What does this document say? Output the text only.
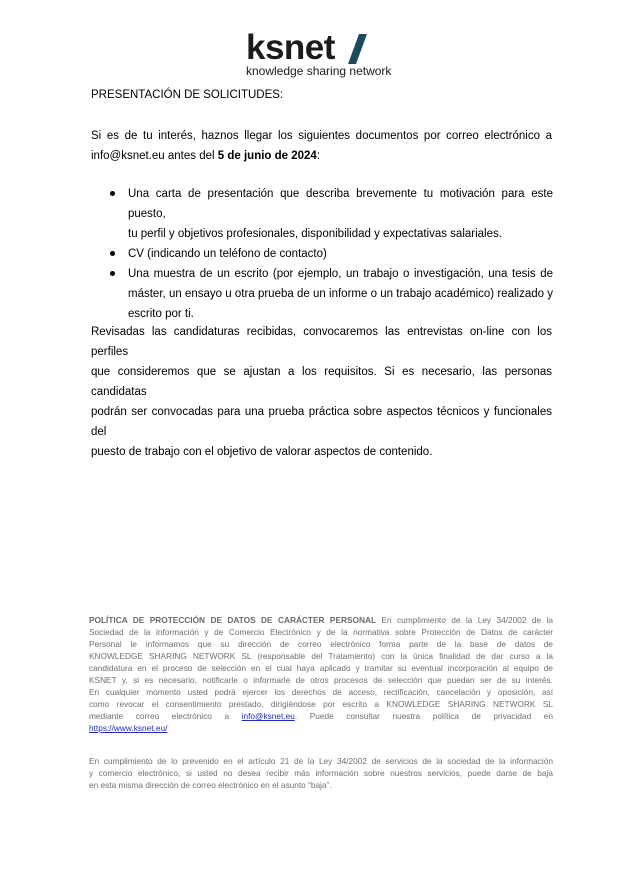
ksnet
knowledge sharing network
PRESENTACIÓN DE SOLICITUDES:
Si es de tu interés, haznos llegar los siguientes documentos por correo electrónico a
info@ksnet.eu antes del 5 de junio de 2024:
Una carta de presentación que describa brevemente tu motivación para este puesto,
tu perfil y objetivos profesionales, disponibilidad y expectativas salariales.
CV (indicando un teléfono de contacto)
Una muestra de un escrito (por ejemplo, un trabajo o investigación, una tesis de
máster, un ensayo u otra prueba de un informe o un trabajo académico) realizado y
escrito por ti.
Revisadas las candidaturas recibidas, convocaremos las entrevistas on-line con los perfiles
que consideremos que se ajustan a los requisitos. Si es necesario, las personas candidatas
podrán ser convocadas para una prueba práctica sobre aspectos técnicos y funcionales del
puesto de trabajo con el objetivo de valorar aspectos de contenido.
POLÍTICA DE PROTECCIÓN DE DATOS DE CARÁCTER PERSONAL En cumplimiento de la Ley 34/2002 de la
Sociedad de la información y de Comercio Electrónico y de la normativa sobre Protección de Datos de carácter
Personal le informamos que su dirección de correo electrónico forma parte de la base de datos de
KNOWLEDGE SHARING NETWORK SL (responsable del Tratamiento) con la única finalidad de dar curso a la
candidatura en el proceso de selección en el cual haya aplicado y tramitar su eventual incorporación al equipo de
KSNET y, si es necesario, notificarle o informarle de otros procesos de selección que puedan ser de su interés.
En cualquier momento usted podrá ejercer los derechos de acceso, rectificación, cancelación y oposición, así
como revocar el consentimiento prestado, dirigiéndose por escrito a KNOWLEDGE SHARING NETWORK SL
mediante correo electrónico a info@ksnet.eu. Puede consultar nuestra política de privacidad en
https://www.ksnet.eu/
En cumplimiento de lo prevenido en el artículo 21 de la Ley 34/2002 de servicios de la sociedad de la información
y comercio electrónico, si usted no desea recibir más información sobre nuestros servicios, puede darse de baja
en esta misma dirección de correo electrónico en el asunto “baja”.
